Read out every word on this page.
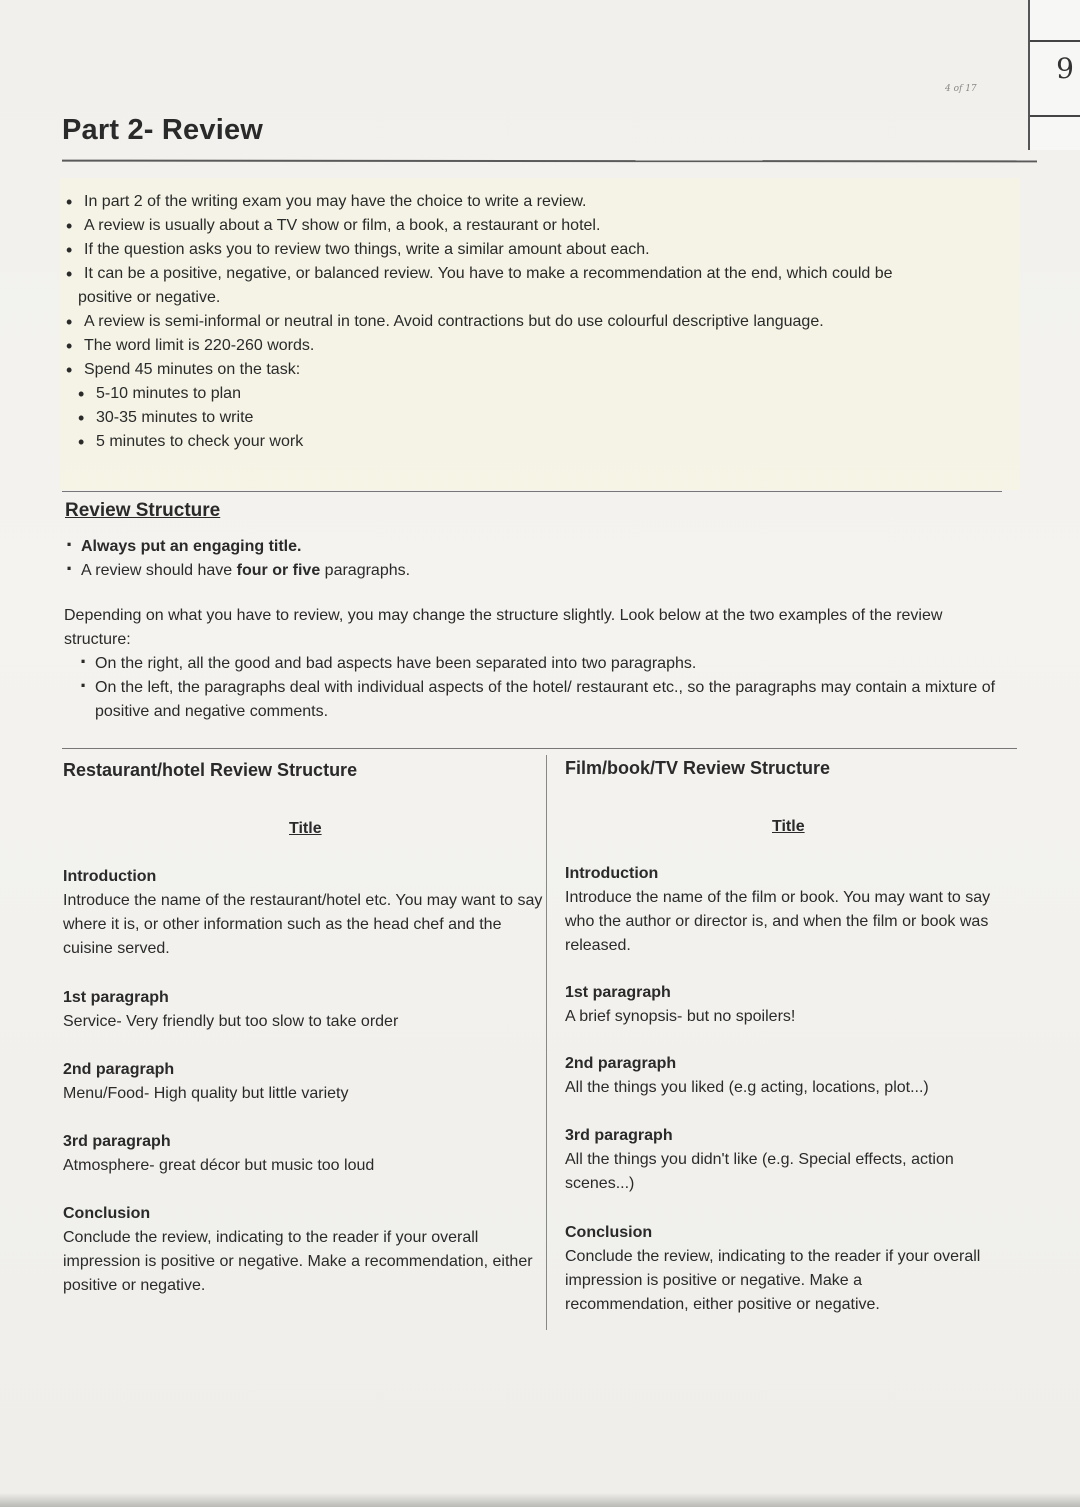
9
4 of 17
Part 2- Review
• In part 2 of the writing exam you may have the choice to write a review.
• A review is usually about a TV show or film, a book, a restaurant or hotel.
• If the question asks you to review two things, write a similar amount about each.
• It can be a positive, negative, or balanced review. You have to make a recommendation at the end, which could be
positive or negative.
• A review is semi-informal or neutral in tone. Avoid contractions but do use colourful descriptive language.
• The word limit is 220-260 words.
• Spend 45 minutes on the task:
• 5-10 minutes to plan
• 30-35 minutes to write
• 5 minutes to check your work
Review Structure
· Always put an engaging title.
· A review should have four or five paragraphs.
Depending on what you have to review, you may change the structure slightly. Look below at the two examples of the review structure:
· On the right, all the good and bad aspects have been separated into two paragraphs.
· On the left, the paragraphs deal with individual aspects of the hotel/ restaurant etc., so the paragraphs may contain a mixture of positive and negative comments.
Restaurant/hotel Review Structure
Title
Introduction
Introduce the name of the restaurant/hotel etc. You may want to say where it is, or other information such as the head chef and the cuisine served.
1st paragraph
Service- Very friendly but too slow to take order
2nd paragraph
Menu/Food- High quality but little variety
3rd paragraph
Atmosphere- great décor but music too loud
Conclusion
Conclude the review, indicating to the reader if your overall impression is positive or negative. Make a recommendation, either positive or negative.
Film/book/TV Review Structure
Title
Introduction
Introduce the name of the film or book. You may want to say who the author or director is, and when the film or book was released.
1st paragraph
A brief synopsis- but no spoilers!
2nd paragraph
All the things you liked (e.g acting, locations, plot...)
3rd paragraph
All the things you didn't like (e.g. Special effects, action scenes...)
Conclusion
Conclude the review, indicating to the reader if your overall impression is positive or negative. Make a recommendation, either positive or negative.
